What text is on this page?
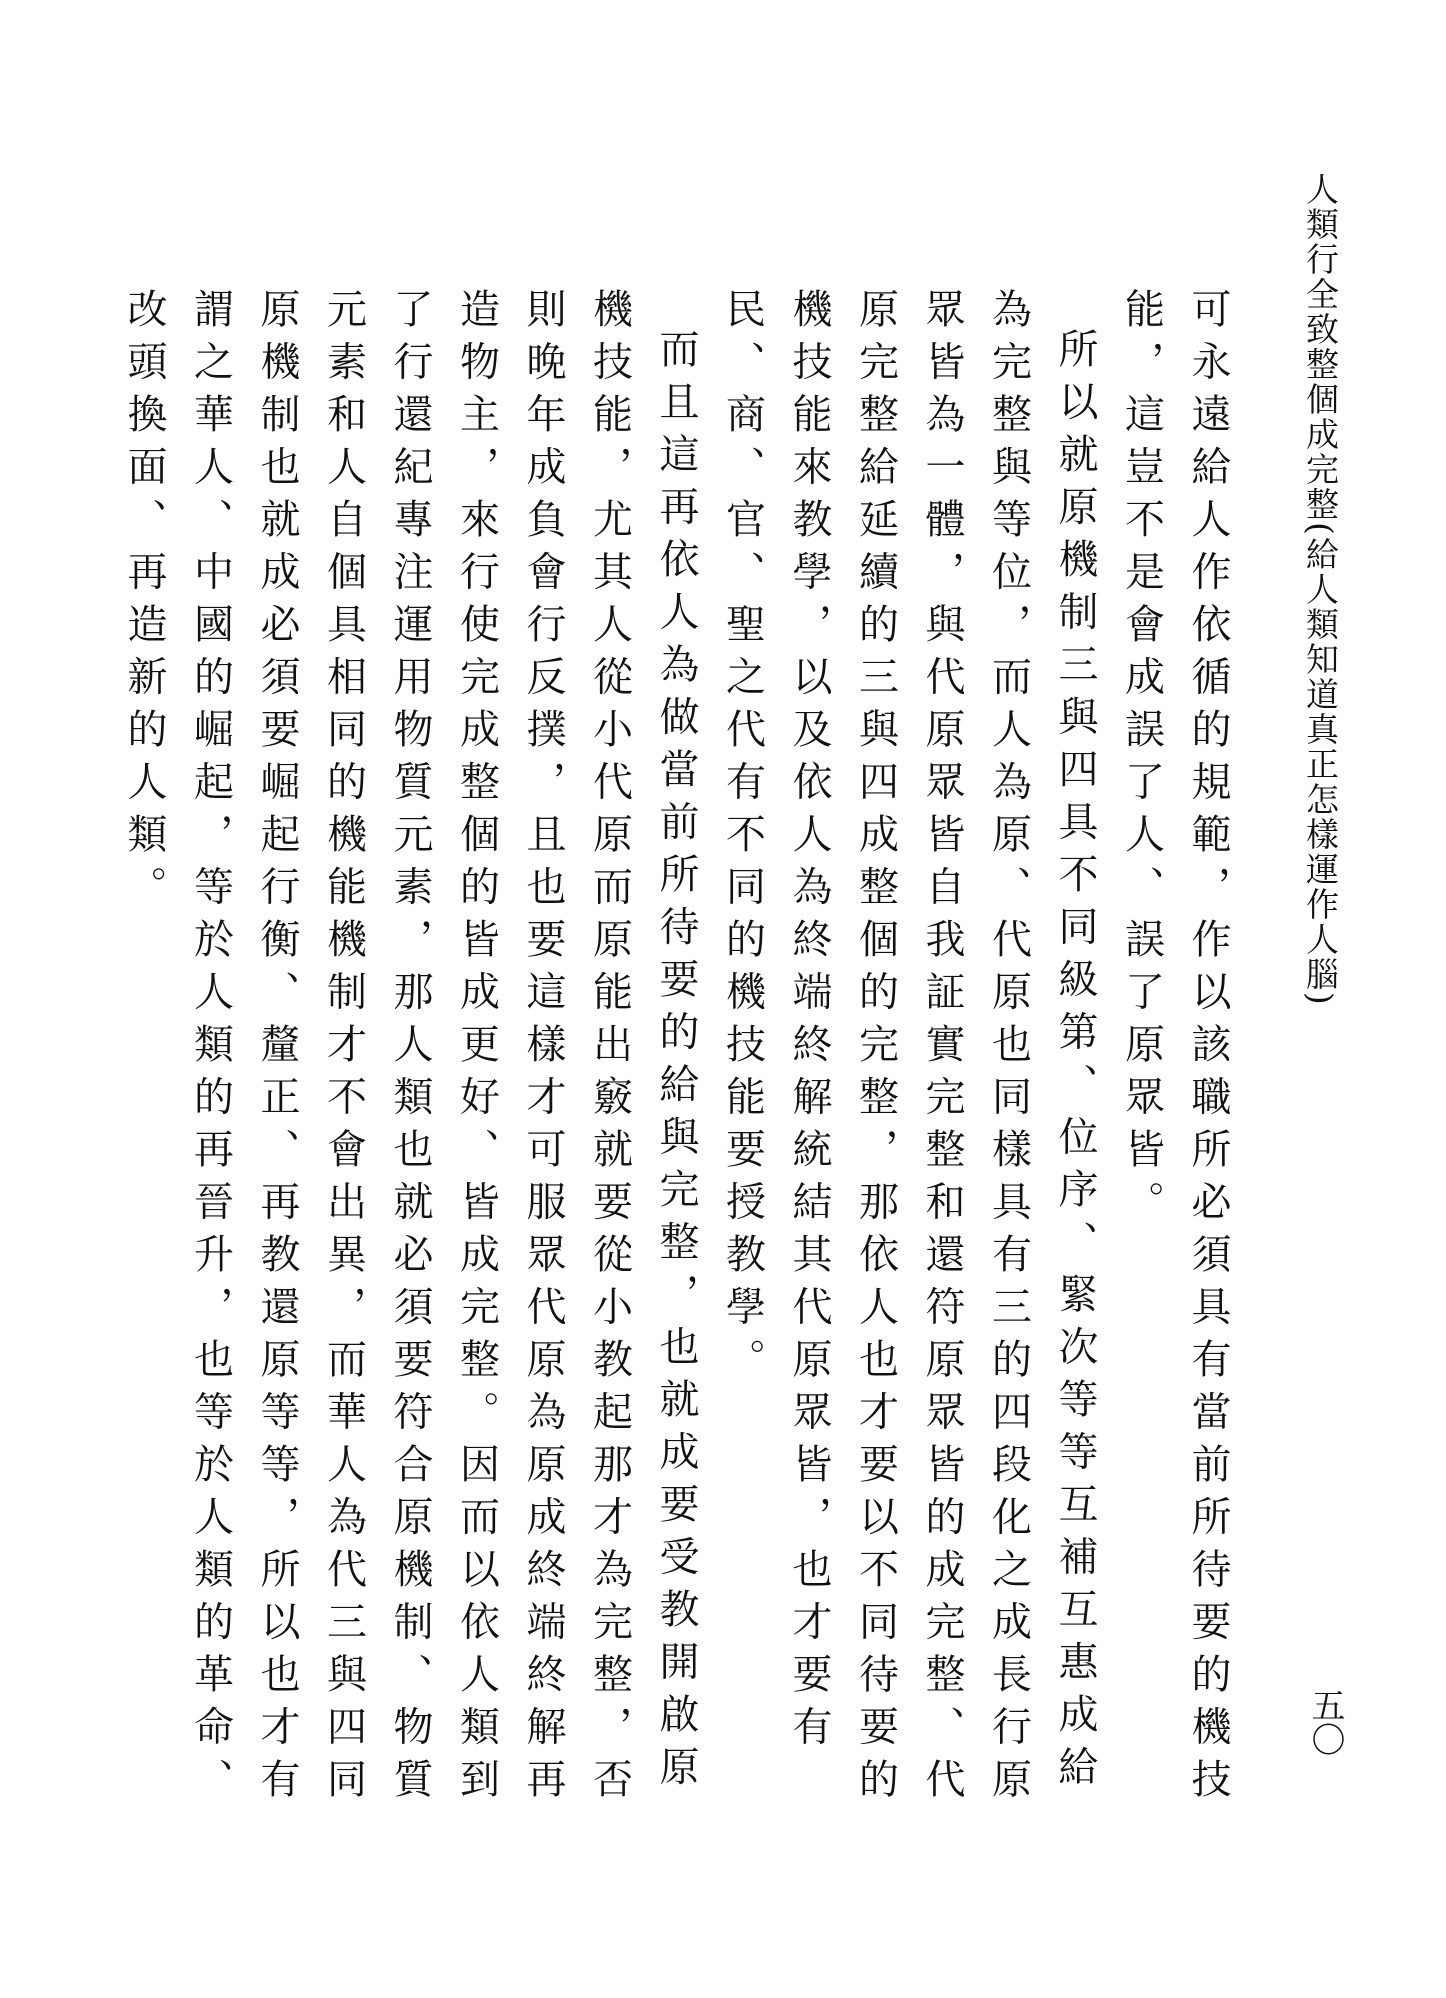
人類行全致整個成完整(給人類知道真正怎樣運作人腦)
五〇

可永遠給人作依循的規範，作以該職所必須具有當前所待要的機技能，這豈不是會成誤了人、誤了原眾皆。

所以就原機制三與四具不同級第、位序、緊次等等互補互惠成給為完整與等位，而人為原、代原也同樣具有三的四段化之成長行原眾皆為一體，與代原眾皆自我証實完整和還符原眾皆的成完整、代原完整給延續的三與四成整個的完整，那依人也才要以不同待要的機技能來教學，以及依人為終端終解統結其代原眾皆，也才要有民、商、官、聖之代有不同的機技能要授教學。

而且這再依人為做當前所待要的給與完整，也就成要受教開啟原機技能，尤其人從小代原而原能出竅就要從小教起那才為完整，否則晚年成負會行反撲，且也要這樣才可服眾代原為原成終端終解再造物主，來行使完成整個的皆成更好、皆成完整。因而以依人類到了行還紀專注運用物質元素，那人類也就必須要符合原機制、物質元素和人自個具相同的機能機制才不會出異，而華人為代三與四同原機制也就成必須要崛起行衡、釐正、再教還原等等，所以也才有謂之華人、中國的崛起，等於人類的再晉升，也等於人類的革命、改頭換面、再造新的人類。
